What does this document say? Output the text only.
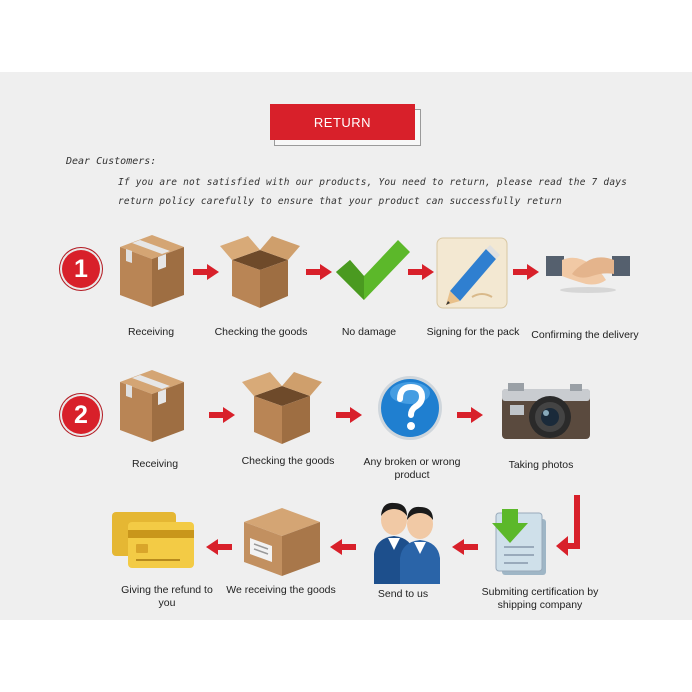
RETURN
Dear Customers:
If you are not satisfied with our products, You need to return, please read the 7 days
return policy carefully to ensure that your product can successfully return
1
Receiving	Checking the goods	No damage	Signing for the pack	Confirming the delivery
2
Receiving	Checking the goods	Any broken or wrong product
Taking photos
Submiting certification by shipping company
Send to us
We receiving the goods
Giving the refund to you
